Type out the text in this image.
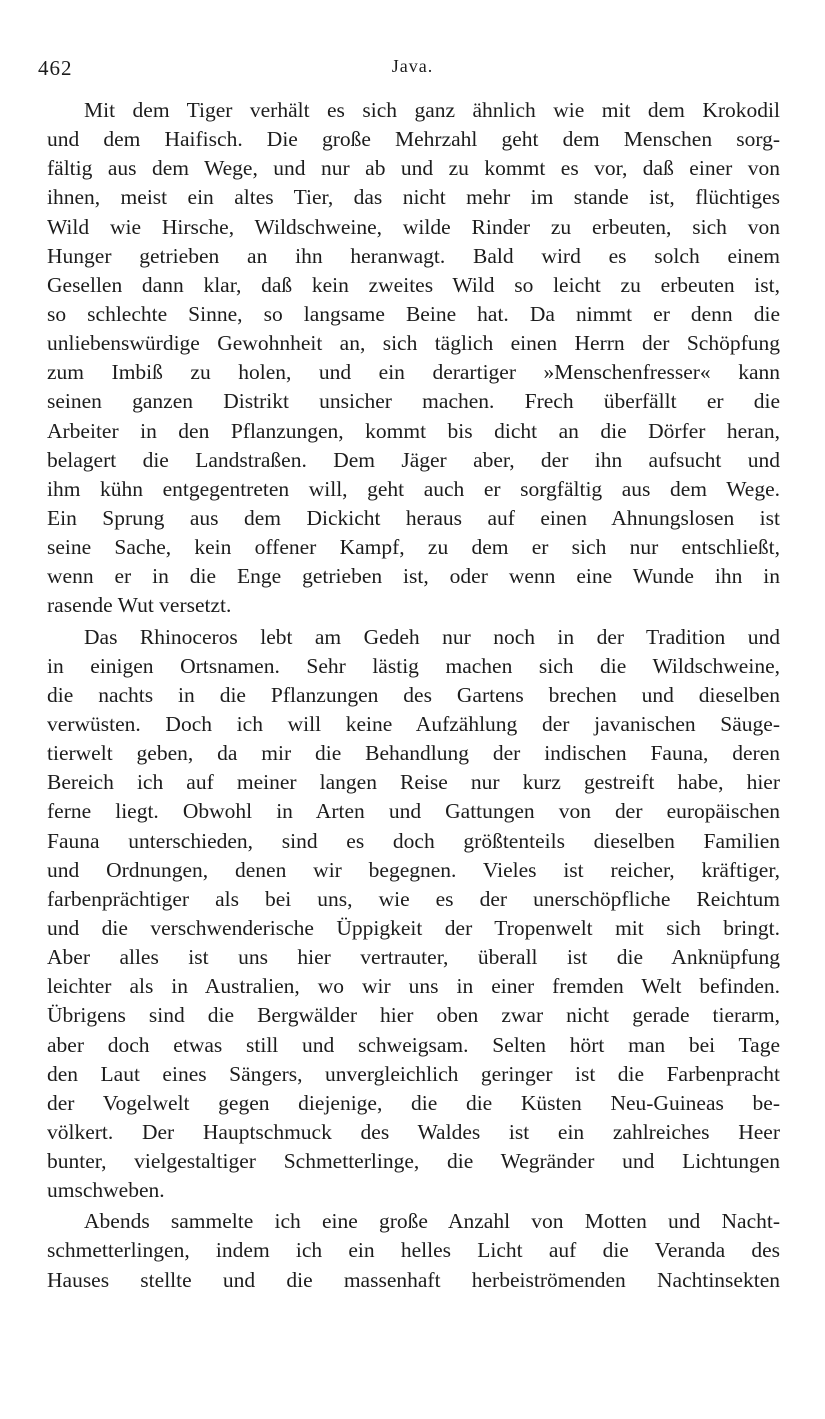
462	Java.
Mit dem Tiger verhält es sich ganz ähnlich wie mit dem Krokodil
und dem Haifisch. Die große Mehrzahl geht dem Menschen sorg-
fältig aus dem Wege, und nur ab und zu kommt es vor, daß einer von
ihnen, meist ein altes Tier, das nicht mehr im stande ist, flüchtiges
Wild wie Hirsche, Wildschweine, wilde Rinder zu erbeuten, sich von
Hunger getrieben an ihn heranwagt. Bald wird es solch einem
Gesellen dann klar, daß kein zweites Wild so leicht zu erbeuten ist,
so schlechte Sinne, so langsame Beine hat. Da nimmt er denn die
unliebenswürdige Gewohnheit an, sich täglich einen Herrn der Schöpfung
zum Imbiß zu holen, und ein derartiger »Menschenfresser« kann
seinen ganzen Distrikt unsicher machen. Frech überfällt er die
Arbeiter in den Pflanzungen, kommt bis dicht an die Dörfer heran,
belagert die Landstraßen. Dem Jäger aber, der ihn aufsucht und
ihm kühn entgegentreten will, geht auch er sorgfältig aus dem Wege.
Ein Sprung aus dem Dickicht heraus auf einen Ahnungslosen ist
seine Sache, kein offener Kampf, zu dem er sich nur entschließt,
wenn er in die Enge getrieben ist, oder wenn eine Wunde ihn in
rasende Wut versetzt.
Das Rhinoceros lebt am Gedeh nur noch in der Tradition und
in einigen Ortsnamen. Sehr lästig machen sich die Wildschweine,
die nachts in die Pflanzungen des Gartens brechen und dieselben
verwüsten. Doch ich will keine Aufzählung der javanischen Säuge-
tierwelt geben, da mir die Behandlung der indischen Fauna, deren
Bereich ich auf meiner langen Reise nur kurz gestreift habe, hier
ferne liegt. Obwohl in Arten und Gattungen von der europäischen
Fauna unterschieden, sind es doch größtenteils dieselben Familien
und Ordnungen, denen wir begegnen. Vieles ist reicher, kräftiger,
farbenprächtiger als bei uns, wie es der unerschöpfliche Reichtum
und die verschwenderische Üppigkeit der Tropenwelt mit sich bringt.
Aber alles ist uns hier vertrauter, überall ist die Anknüpfung
leichter als in Australien, wo wir uns in einer fremden Welt befinden.
Übrigens sind die Bergwälder hier oben zwar nicht gerade tierarm,
aber doch etwas still und schweigsam. Selten hört man bei Tage
den Laut eines Sängers, unvergleichlich geringer ist die Farbenpracht
der Vogelwelt gegen diejenige, die die Küsten Neu-Guineas be-
völkert. Der Hauptschmuck des Waldes ist ein zahlreiches Heer
bunter, vielgestaltiger Schmetterlinge, die Wegränder und Lichtungen
umschweben.
Abends sammelte ich eine große Anzahl von Motten und Nacht-
schmetterlingen, indem ich ein helles Licht auf die Veranda des
Hauses stellte und die massenhaft herbeiströmenden Nachtinsekten
